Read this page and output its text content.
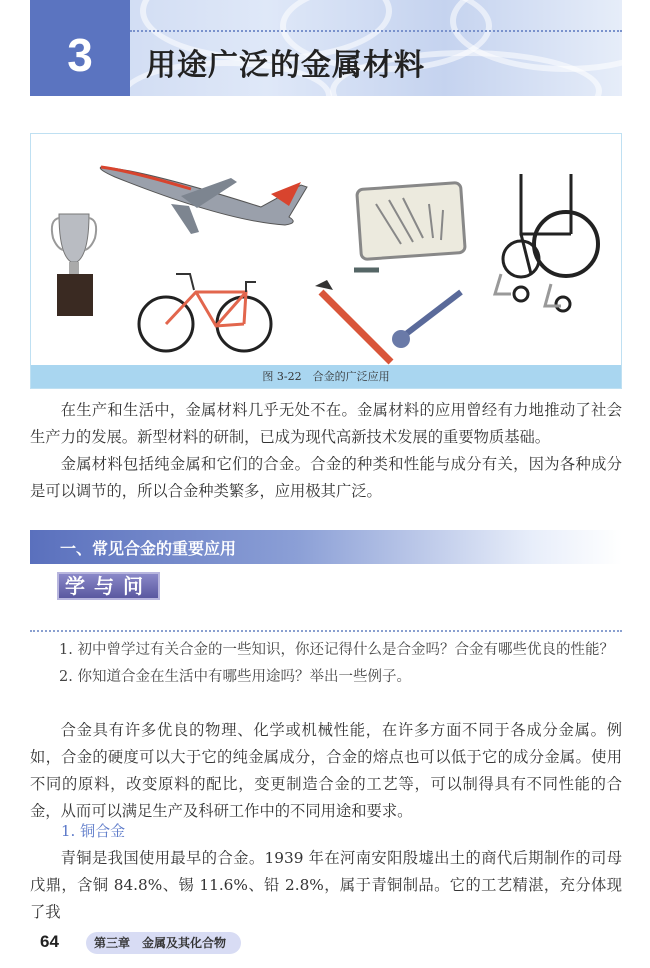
3	用途广泛的金属材料
图 3-22　合金的广泛应用
在生产和生活中，金属材料几乎无处不在。金属材料的应用曾经有力地推动了社会生产力的发展。新型材料的研制，已成为现代高新技术发展的重要物质基础。
金属材料包括纯金属和它们的合金。合金的种类和性能与成分有关，因为各种成分是可以调节的，所以合金种类繁多，应用极其广泛。
一、常见合金的重要应用
学与问
1. 初中曾学过有关合金的一些知识，你还记得什么是合金吗？合金有哪些优良的性能？
2. 你知道合金在生活中有哪些用途吗？举出一些例子。
合金具有许多优良的物理、化学或机械性能，在许多方面不同于各成分金属。例如，合金的硬度可以大于它的纯金属成分，合金的熔点也可以低于它的成分金属。使用不同的原料，改变原料的配比，变更制造合金的工艺等，可以制得具有不同性能的合金，从而可以满足生产及科研工作中的不同用途和要求。
1. 铜合金
青铜是我国使用最早的合金。1939 年在河南安阳殷墟出土的商代后期制作的司母戊鼎，含铜 84.8%、锡 11.6%、铅 2.8%，属于青铜制品。它的工艺精湛，充分体现了我
64	第三章　金属及其化合物
